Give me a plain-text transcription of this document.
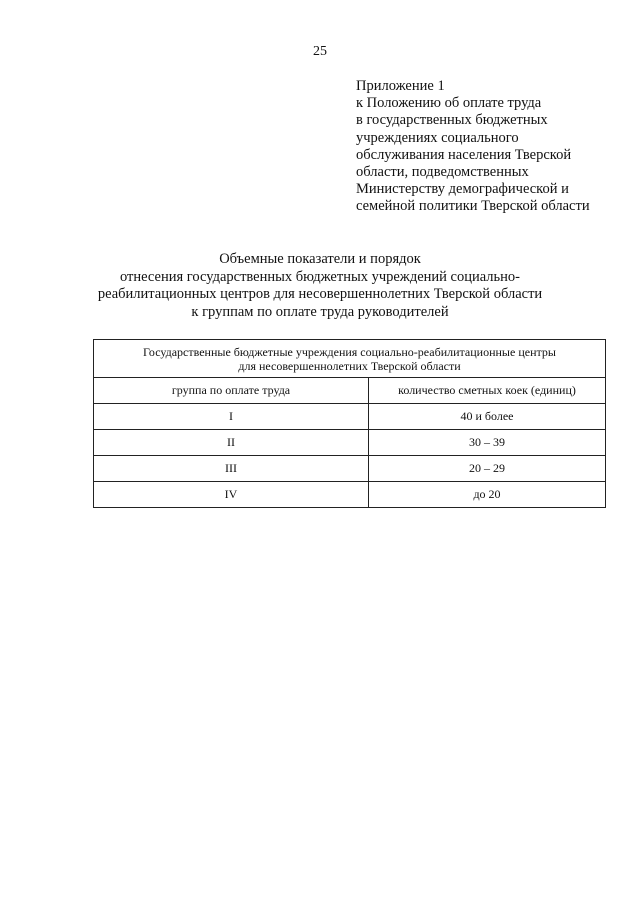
25
Приложение 1
к Положению об оплате труда
в государственных бюджетных
учреждениях социального
обслуживания населения Тверской
области, подведомственных
Министерству демографической и
семейной политики Тверской области
Объемные показатели и порядок
отнесения государственных бюджетных учреждений социально-
реабилитационных центров для несовершеннолетних Тверской области
к группам по оплате труда руководителей
Государственные бюджетные учреждения социально-реабилитационные центры
для несовершеннолетних Тверской области	

группа по оплате труда	количество сметных коек (единиц)
I	40 и более
II	30 – 39
III	20 – 29
IV	до 20
